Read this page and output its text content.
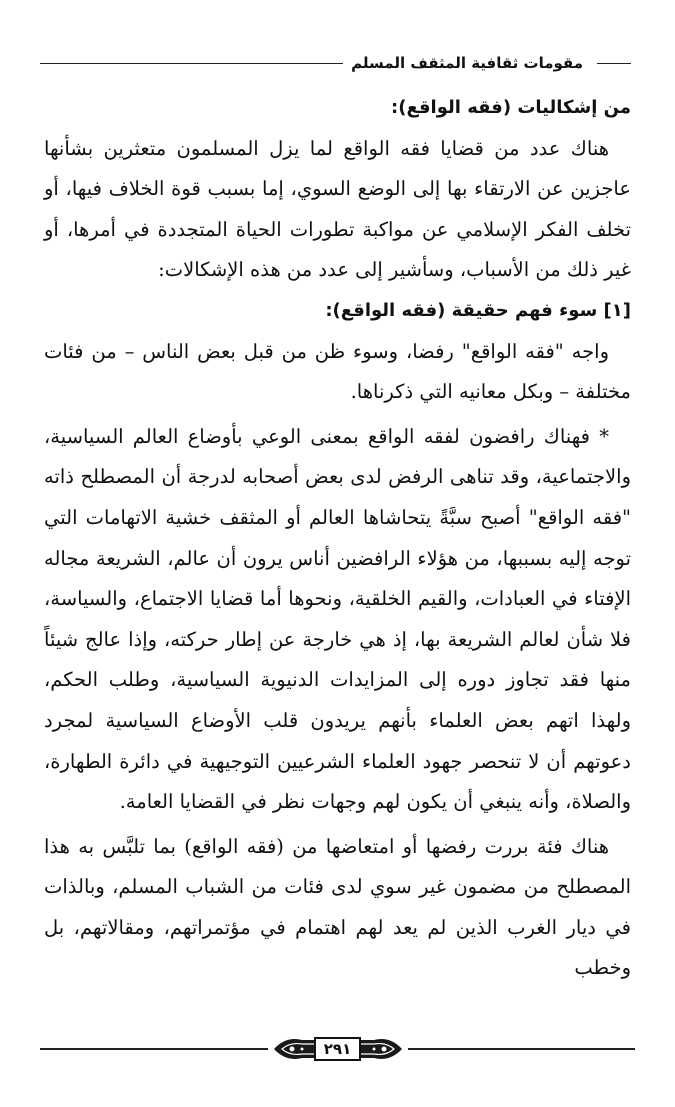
مقومات ثقافية المثقف المسلم

من إشكاليات (فقه الواقع):

هناك عدد من قضايا فقه الواقع لما يزل المسلمون متعثرين بشأنها عاجزين عن الارتقاء بها إلى الوضع السوي، إما بسبب قوة الخلاف فيها، أو تخلف الفكر الإسلامي عن مواكبة تطورات الحياة المتجددة في أمرها، أو غير ذلك من الأسباب، وسأشير إلى عدد من هذه الإشكالات:

[١] سوء فهم حقيقة (فقه الواقع):

واجه "فقه الواقع" رفضا، وسوء ظن من قبل بعض الناس – من فئات مختلفة – وبكل معانيه التي ذكرناها.

* فهناك رافضون لفقه الواقع بمعنى الوعي بأوضاع العالم السياسية، والاجتماعية، وقد تناهى الرفض لدى بعض أصحابه لدرجة أن المصطلح ذاته "فقه الواقع" أصبح سبَّةً يتحاشاها العالم أو المثقف خشية الاتهامات التي توجه إليه بسببها، من هؤلاء الرافضين أناس يرون أن عالم، الشريعة مجاله الإفتاء في العبادات، والقيم الخلقية، ونحوها أما قضايا الاجتماع، والسياسة، فلا شأن لعالم الشريعة بها، إذ هي خارجة عن إطار حركته، وإذا عالج شيئاً منها فقد تجاوز دوره إلى المزايدات الدنيوية السياسية، وطلب الحكم، ولهذا اتهم بعض العلماء بأنهم يريدون قلب الأوضاع السياسية لمجرد دعوتهم أن لا تنحصر جهود العلماء الشرعيين التوجيهية في دائرة الطهارة، والصلاة، وأنه ينبغي أن يكون لهم وجهات نظر في القضايا العامة.

هناك فئة بررت رفضها أو امتعاضها من (فقه الواقع) بما تلبَّس به هذا المصطلح من مضمون غير سوي لدى فئات من الشباب المسلم، وبالذات في ديار الغرب الذين لم يعد لهم اهتمام في مؤتمراتهم، ومقالاتهم، بل وخطب

٢٩١
